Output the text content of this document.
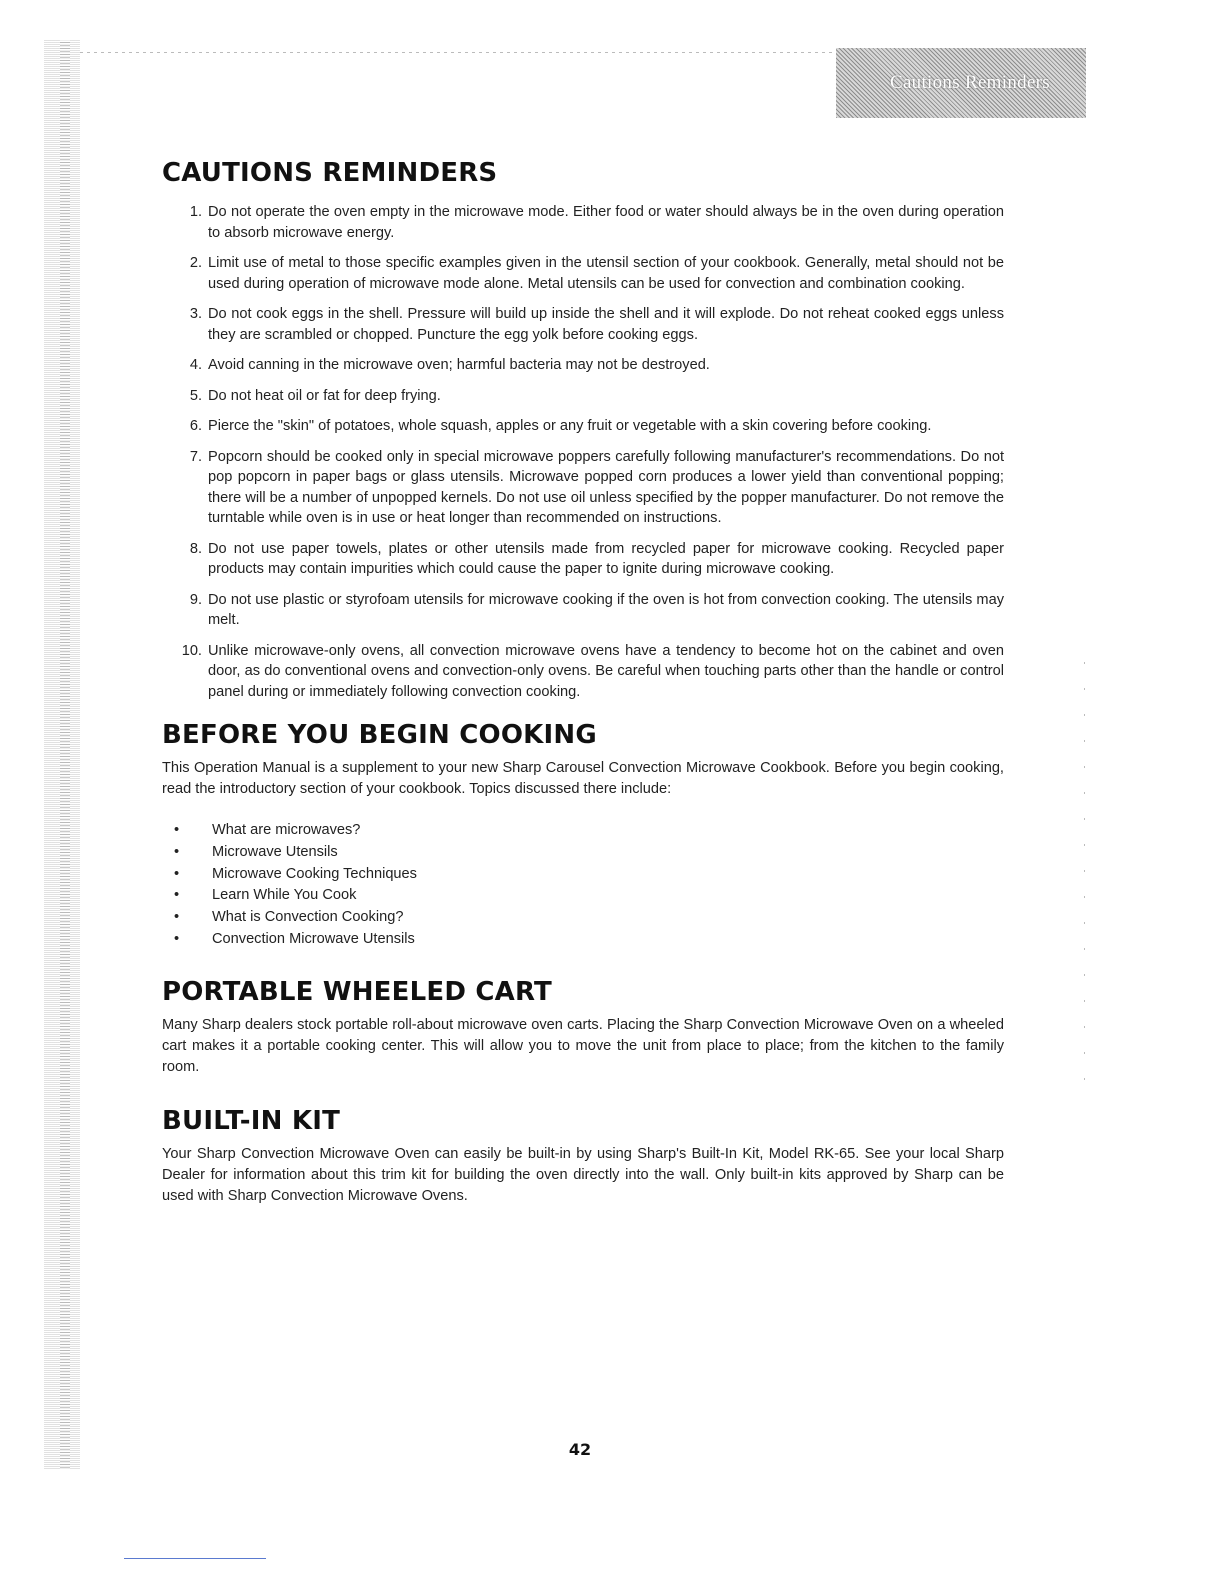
Cautions Reminders
CAUTIONS REMINDERS
1. Do not operate the oven empty in the microwave mode. Either food or water should always be in the oven during operation to absorb microwave energy.
2. Limit use of metal to those specific examples given in the utensil section of your cookbook. Generally, metal should not be used during operation of microwave mode alone. Metal utensils can be used for convection and combination cooking.
3. Do not cook eggs in the shell. Pressure will build up inside the shell and it will explode. Do not reheat cooked eggs unless they are scrambled or chopped. Puncture the egg yolk before cooking eggs.
4. Avoid canning in the microwave oven; harmful bacteria may not be destroyed.
5. Do not heat oil or fat for deep frying.
6. Pierce the "skin" of potatoes, whole squash, apples or any fruit or vegetable with a skin covering before cooking.
7. Popcorn should be cooked only in special microwave poppers carefully following manufacturer's recommendations. Do not pop popcorn in paper bags or glass utensils. Microwave popped corn produces a lower yield than conventional popping; there will be a number of unpopped kernels. Do not use oil unless specified by the popper manufacturer. Do not remove the turntable while oven is in use or heat longer than recommended on instructions.
8. Do not use paper towels, plates or other utensils made from recycled paper for microwave cooking. Recycled paper products may contain impurities which could cause the paper to ignite during microwave cooking.
9. Do not use plastic or styrofoam utensils for microwave cooking if the oven is hot from convection cooking. The utensils may melt.
10. Unlike microwave-only ovens, all convection microwave ovens have a tendency to become hot on the cabinet and oven door, as do conventional ovens and convection-only ovens. Be careful when touching parts other than the handle or control panel during or immediately following convection cooking.
BEFORE YOU BEGIN COOKING

This Operation Manual is a supplement to your new Sharp Carousel Convection Microwave Cookbook. Before you begin cooking, read the introductory section of your cookbook. Topics discussed there include:

•	What are microwaves?
•	Microwave Utensils
•	Microwave Cooking Techniques
•	Learn While You Cook
•	What is Convection Cooking?
•	Convection Microwave Utensils
PORTABLE WHEELED CART

Many Sharp dealers stock portable roll-about microwave oven carts. Placing the Sharp Convection Microwave Oven on a wheeled cart makes it a portable cooking center. This will allow you to move the unit from place to place; from the kitchen to the family room.

BUILT-IN KIT

Your Sharp Convection Microwave Oven can easily be built-in by using Sharp's Built-In Kit, Model RK-65. See your local Sharp Dealer for information about this trim kit for building the oven directly into the wall. Only built-in kits approved by Sharp can be used with Sharp Convection Microwave Ovens.

42
